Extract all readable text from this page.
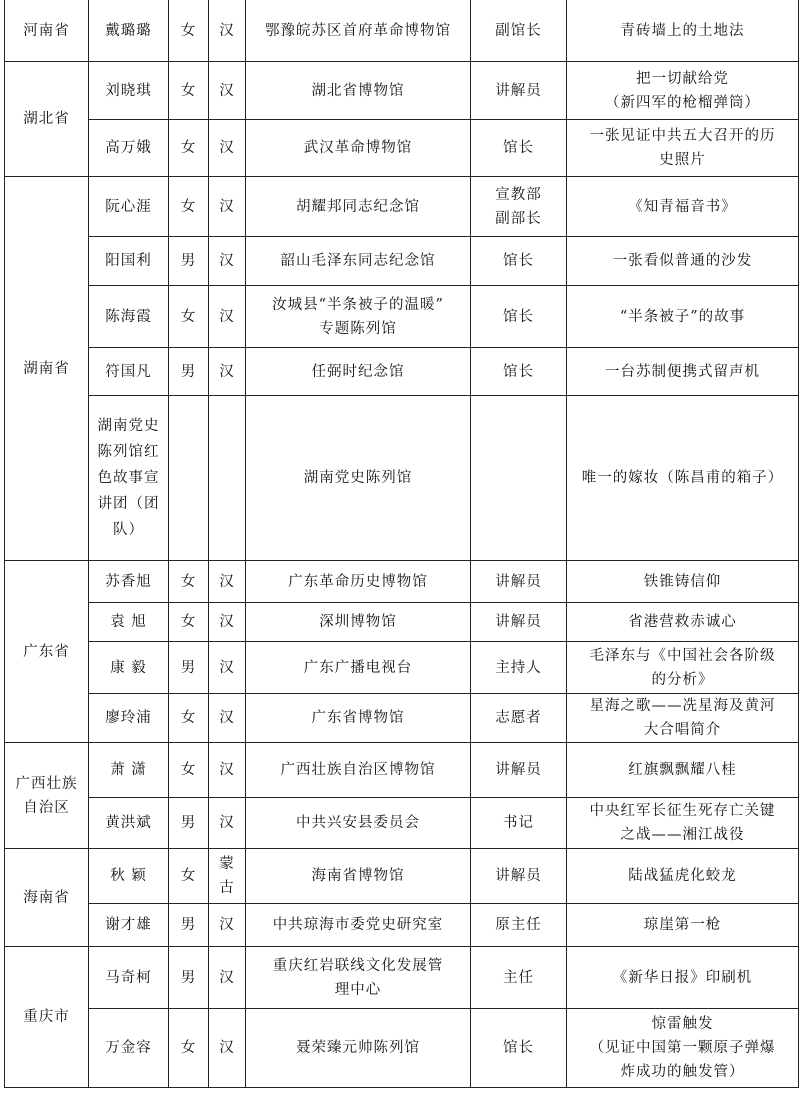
河南省	戴璐璐	女	汉	鄂豫皖苏区首府革命博物馆	副馆长	青砖墙上的土地法

湖北省	刘晓琪	女	汉	湖北省博物馆	讲解员	把一切献给党
（新四军的枪榴弹筒）

	高万娥	女	汉	武汉革命博物馆	馆长	一张见证中共五大召开的历
史照片

湖南省	阮心涯	女	汉	胡耀邦同志纪念馆	宣教部
副部长	《知青福音书》

	阳国利	男	汉	韶山毛泽东同志纪念馆	馆长	一张看似普通的沙发

	陈海霞	女	汉	汝城县“半条被子的温暖”
专题陈列馆	馆长	“半条被子”的故事

	符国凡	男	汉	任弼时纪念馆	馆长	一台苏制便携式留声机

	湖南党史陈列馆红色故事宣讲团（团队）			湖南党史陈列馆		唯一的嫁妆（陈昌甫的箱子）

广东省	苏香旭	女	汉	广东革命历史博物馆	讲解员	铁锥铸信仰

	袁 旭	女	汉	深圳博物馆	讲解员	省港营救赤诚心

	康 毅	男	汉	广东广播电视台	主持人	毛泽东与《中国社会各阶级
的分析》

	廖玲浦	女	汉	广东省博物馆	志愿者	星海之歌——冼星海及黄河
大合唱简介

广西壮族自治区	萧 潇	女	汉	广西壮族自治区博物馆	讲解员	红旗飘飘耀八桂

	黄洪斌	男	汉	中共兴安县委员会	书记	中央红军长征生死存亡关键
之战——湘江战役

海南省	秋 颖	女	蒙古	海南省博物馆	讲解员	陆战猛虎化蛟龙

	谢才雄	男	汉	中共琼海市委党史研究室	原主任	琼崖第一枪

重庆市	马奇柯	男	汉	重庆红岩联线文化发展管
理中心	主任	《新华日报》印刷机

	万金容	女	汉	聂荣臻元帅陈列馆	馆长	惊雷触发
（见证中国第一颗原子弹爆
炸成功的触发管）
